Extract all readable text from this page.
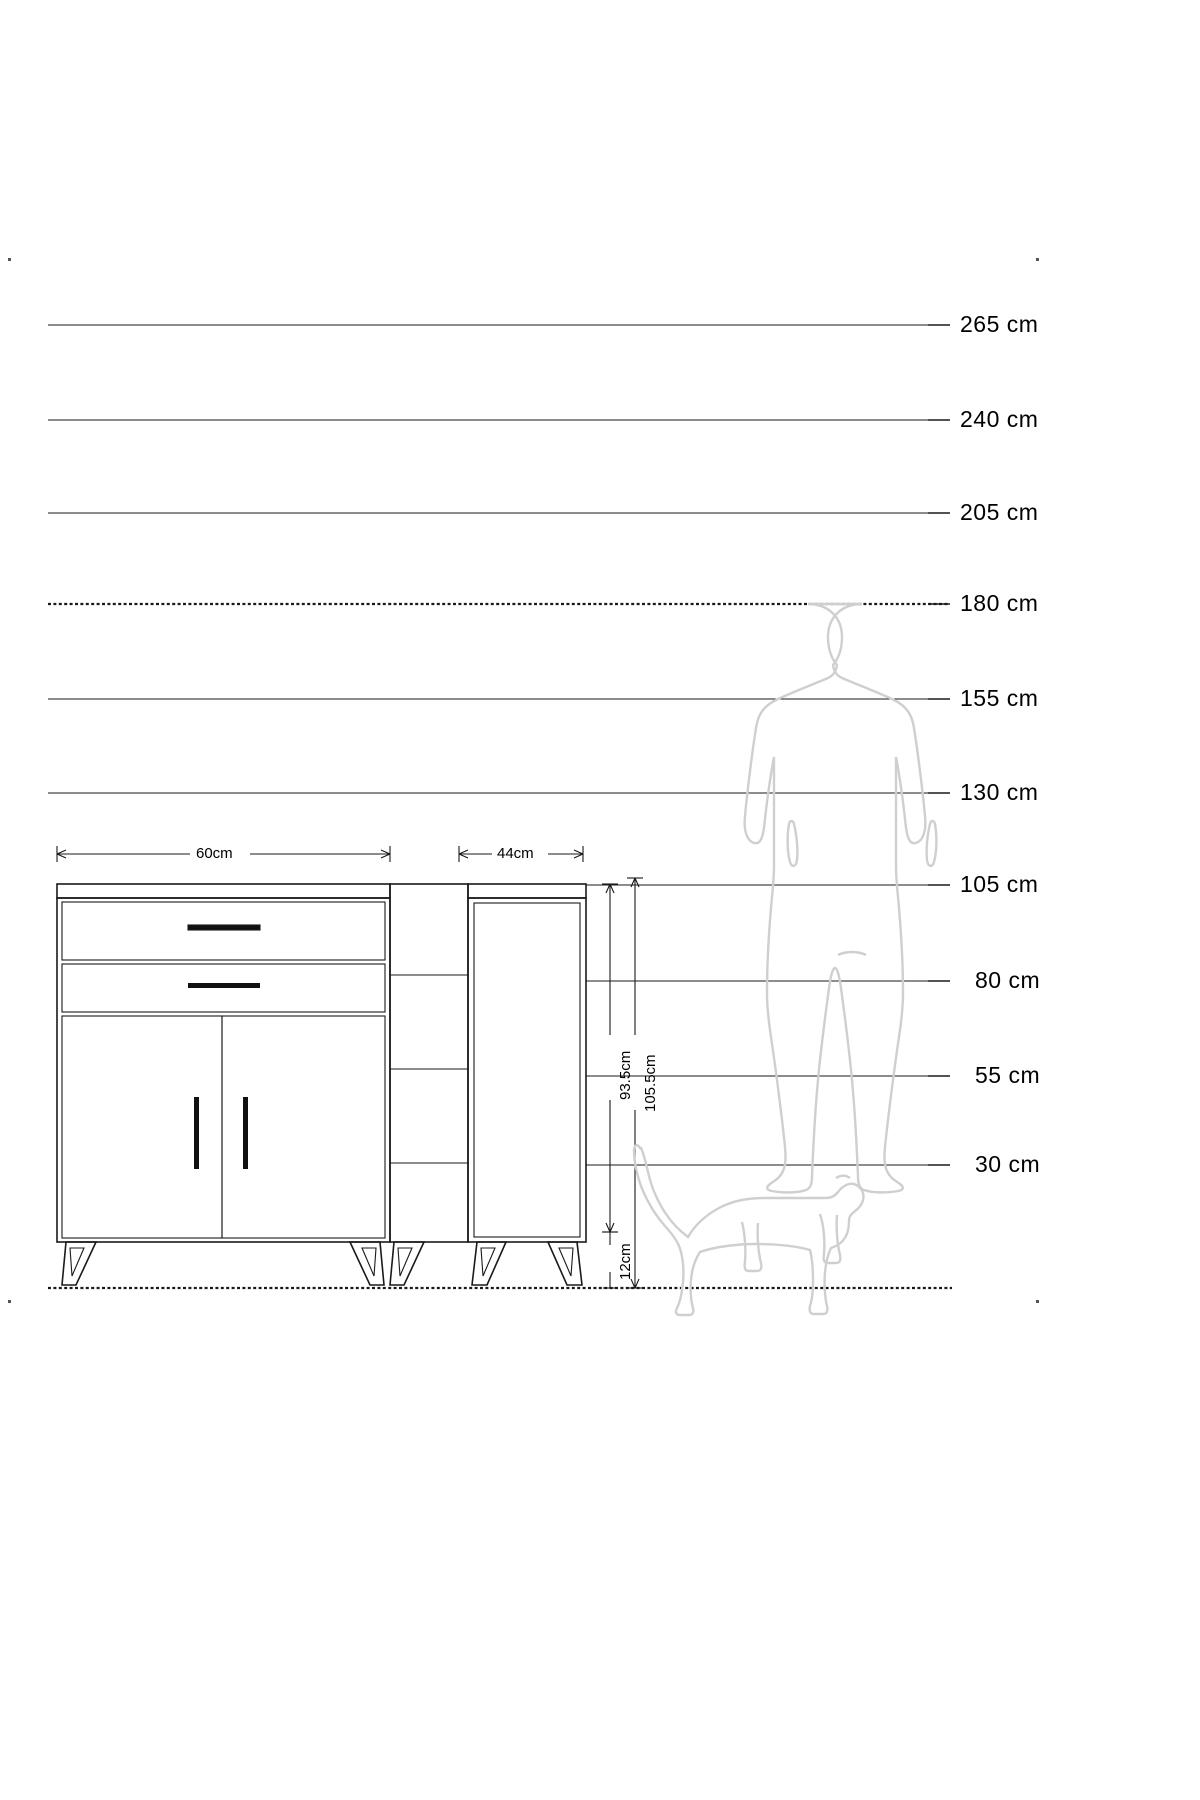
265 cm
240 cm
205 cm
180 cm
155 cm
130 cm
105 cm
80 cm
55 cm
30 cm
60cm	44cm
93.5cm 105.5cm
12cm
